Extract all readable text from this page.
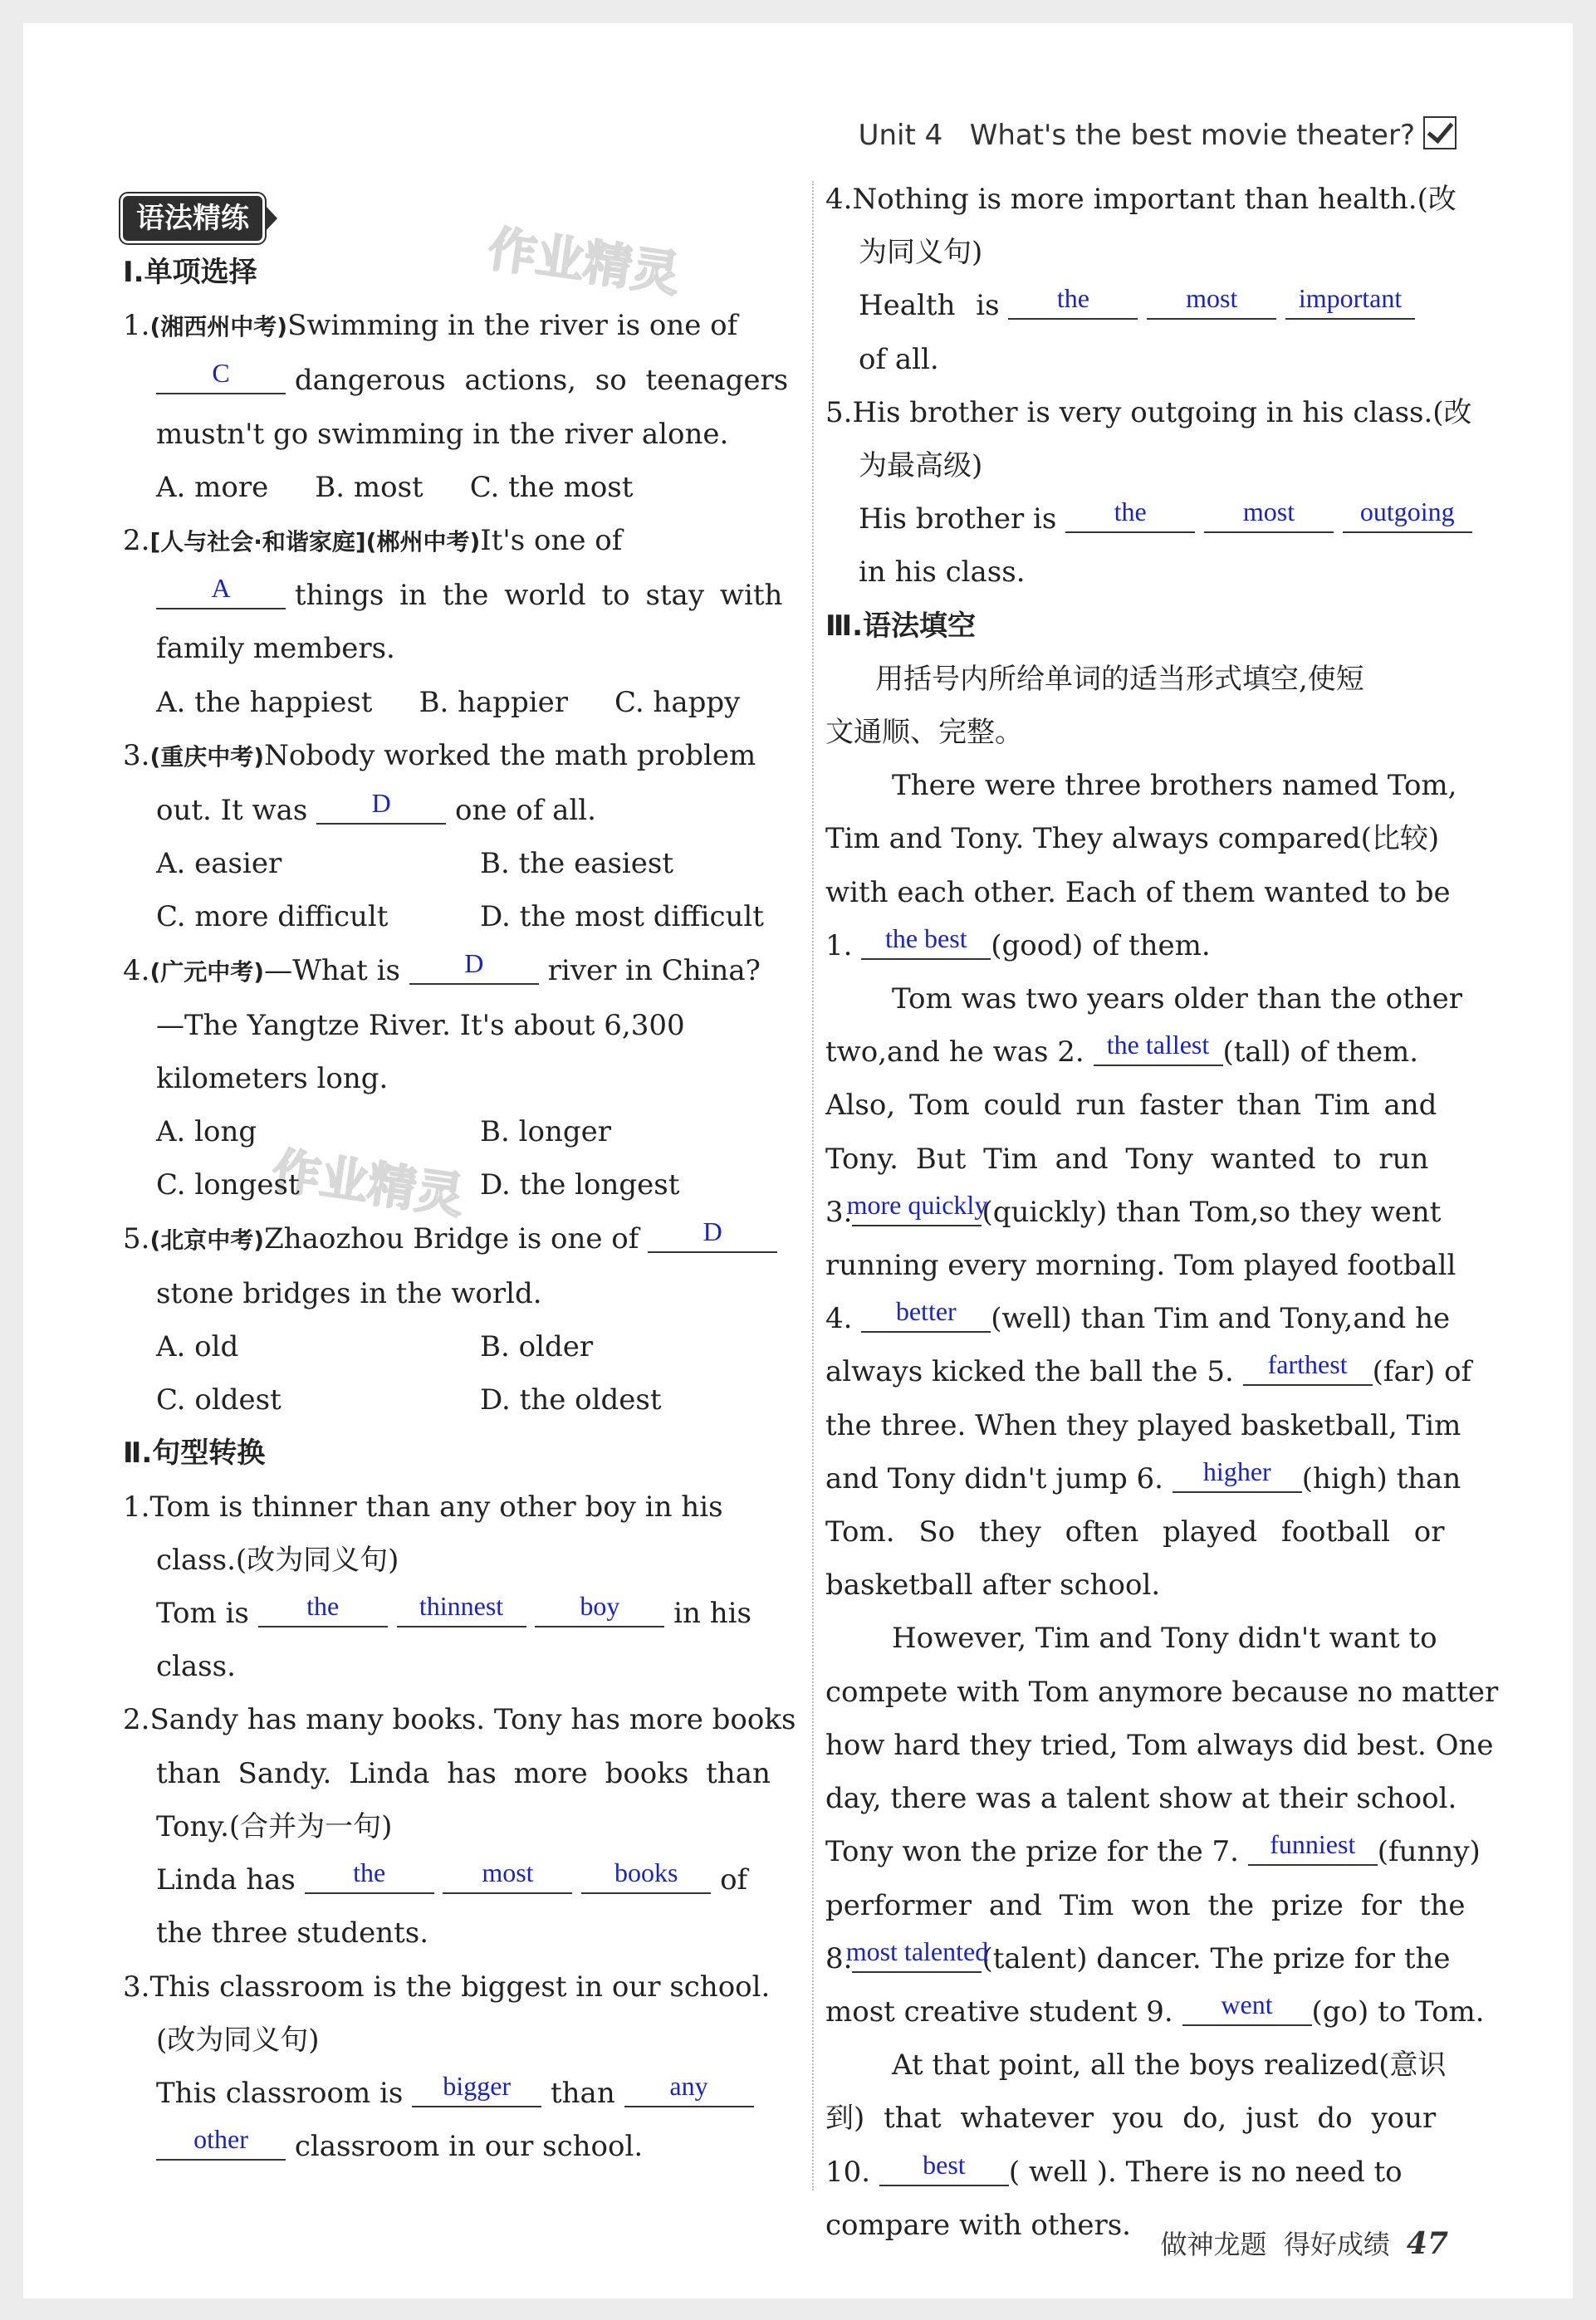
Unit 4 What's the best movie theater?
作业精灵
作业精灵
语法精练
Ⅰ.单项选择
1.(湘西州中考)Swimming in the river is one of
C	dangerous actions, so teenagers
mustn't go swimming in the river alone.
A. more B. most C. the most
2.[人与社会·和谐家庭](郴州中考)It's one of
A	things in the world to stay with
family members.
A. the happiest B. happier C. happy
3.(重庆中考)Nobody worked the math problem
out. It was	D	one of all.
A. easier	B. the easiest
C. more difficult	D. the most difficult
4.(广元中考)—What is	D	river in China?
—The Yangtze River. It's about 6,300
kilometers long.
A. long	B. longer
C. longest	D. the longest
5.(北京中考)Zhaozhou Bridge is one of	D
stone bridges in the world.
A. old	B. older
C. oldest	D. the oldest
Ⅱ.句型转换
1.Tom is thinner than any other boy in his
class.(改为同义句)
Tom is	the
	thinnest
	boy	in his
class.
2.Sandy has many books. Tony has more books
than Sandy. Linda has more books than
Tony.(合并为一句)
Linda has	the
	most
	books	of
the three students.
3.This classroom is the biggest in our school.
(改为同义句)
This classroom is	bigger	than	any
other	classroom in our school.
4.Nothing is more important than health.(改
为同义句)
Health is	the
	most
	important
of all.
5.His brother is very outgoing in his class.(改
为最高级)
His brother is	the
	most
	outgoing
in his class.
Ⅲ.语法填空
用括号内所给单词的适当形式填空,使短
文通顺、完整。
There were three brothers named Tom,
Tim and Tony. They always compared(比较)
with each other. Each of them wanted to be
1.	the best (good) of them.
Tom was two years older than the other
two,and he was 2. the tallest (tall) of them.
Also, Tom could run faster than Tim and
Tony. But Tim and Tony wanted to run
3.
more quickly
(quickly) than Tom,so they went
running every morning. Tom played football
4.	better	(well) than Tim and Tony,and he
always kicked the ball the 5.	farthest (far) of
the three. When they played basketball, Tim
and Tony didn't jump 6.	higher	(high) than
Tom. So they often played football or
basketball after school.
However, Tim and Tony didn't want to
compete with Tom anymore because no matter
how hard they tried, Tom always did best. One
day, there was a talent show at their school.
Tony won the prize for the 7.	funniest (funny)
performer and Tim won the prize for the
8.
most talented
(talent) dancer. The prize for the
most creative student 9.	went	(go) to Tom.
At that point, all the boys realized(意识
到) that whatever you do, just do your
10.	best	( well ). There is no need to
compare with others.
做神龙题 得好成绩 47
